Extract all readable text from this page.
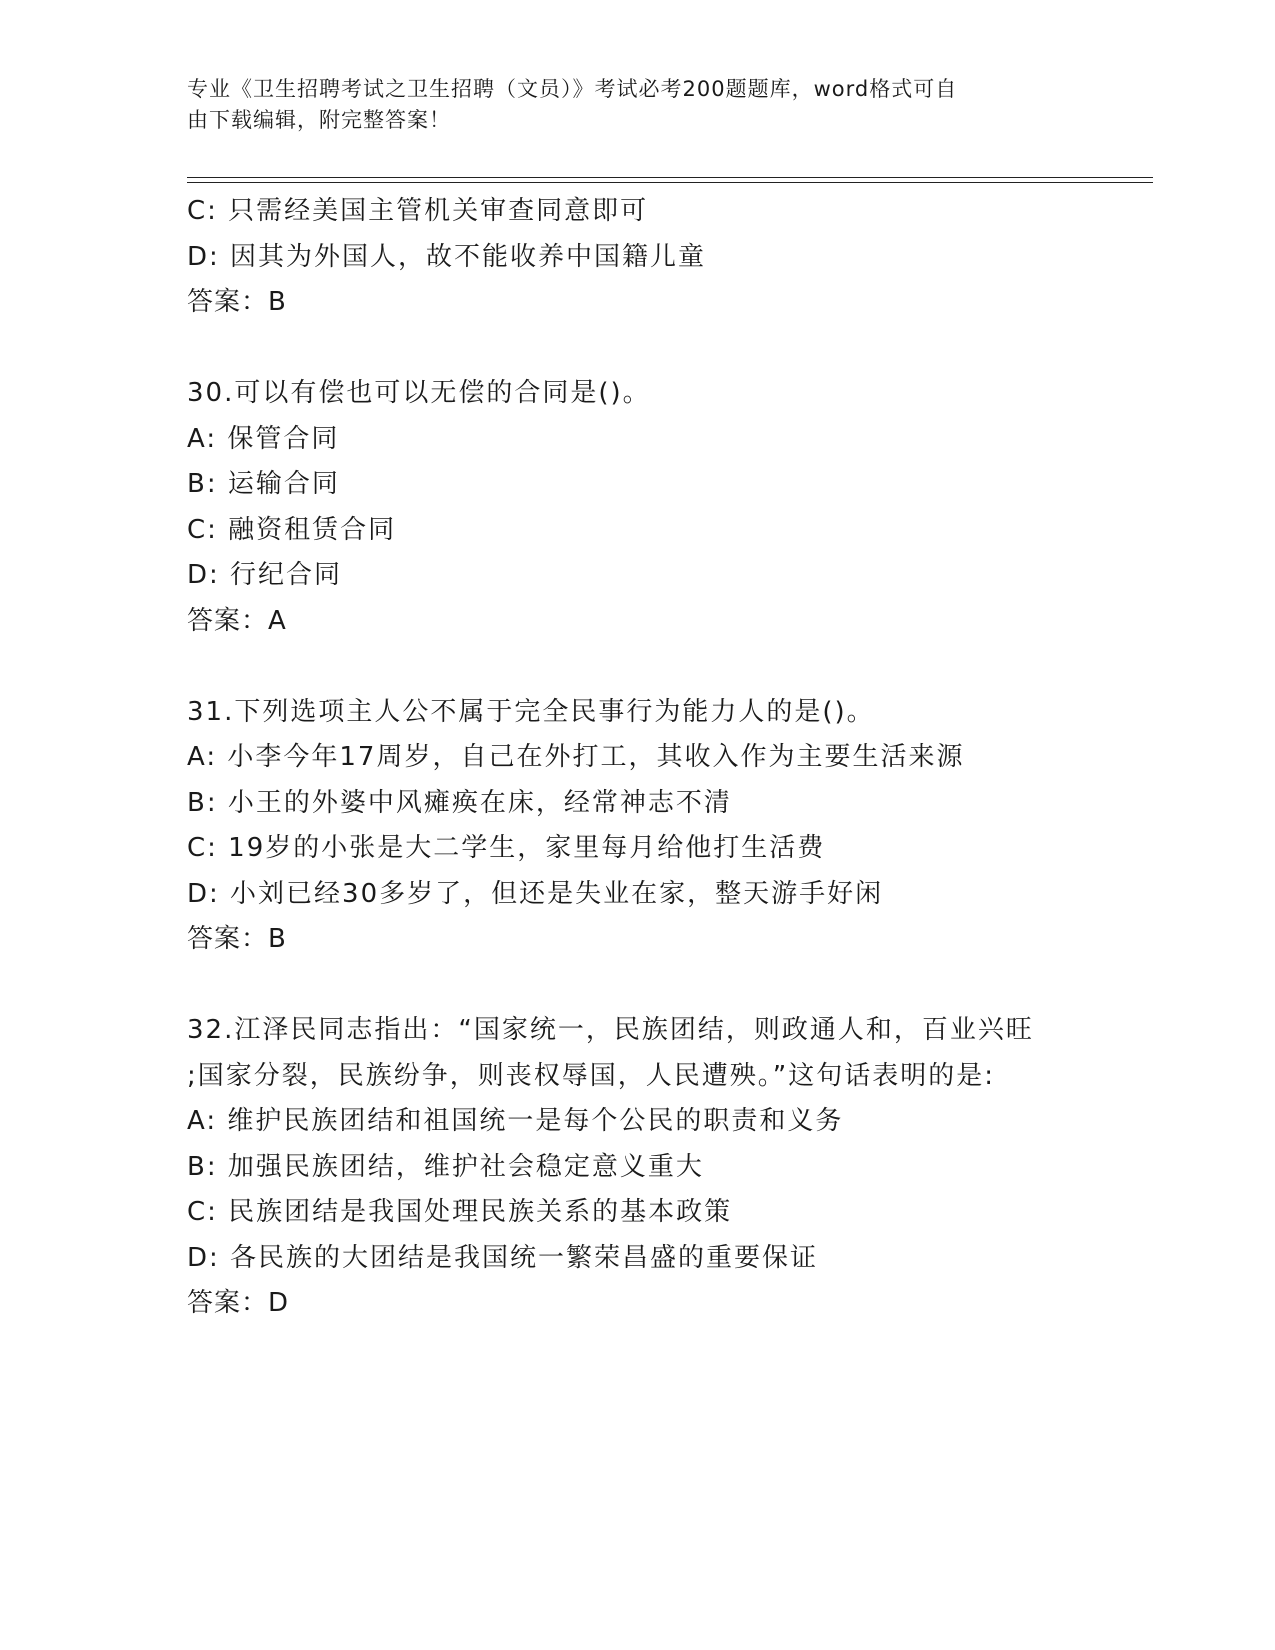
专业《卫生招聘考试之卫生招聘（文员）》考试必考200题题库，word格式可自
由下载编辑，附完整答案！
C: 只需经美国主管机关审查同意即可
D: 因其为外国人，故不能收养中国籍儿童
答案：B
30.可以有偿也可以无偿的合同是()。
A: 保管合同
B: 运输合同
C: 融资租赁合同
D: 行纪合同
答案：A
31.下列选项主人公不属于完全民事行为能力人的是()。
A: 小李今年17周岁，自己在外打工，其收入作为主要生活来源
B: 小王的外婆中风瘫痪在床，经常神志不清
C: 19岁的小张是大二学生，家里每月给他打生活费
D: 小刘已经30多岁了，但还是失业在家，整天游手好闲
答案：B
32.江泽民同志指出：“国家统一，民族团结，则政通人和，百业兴旺
;国家分裂，民族纷争，则丧权辱国，人民遭殃。”这句话表明的是:
A: 维护民族团结和祖国统一是每个公民的职责和义务
B: 加强民族团结，维护社会稳定意义重大
C: 民族团结是我国处理民族关系的基本政策
D: 各民族的大团结是我国统一繁荣昌盛的重要保证
答案：D
